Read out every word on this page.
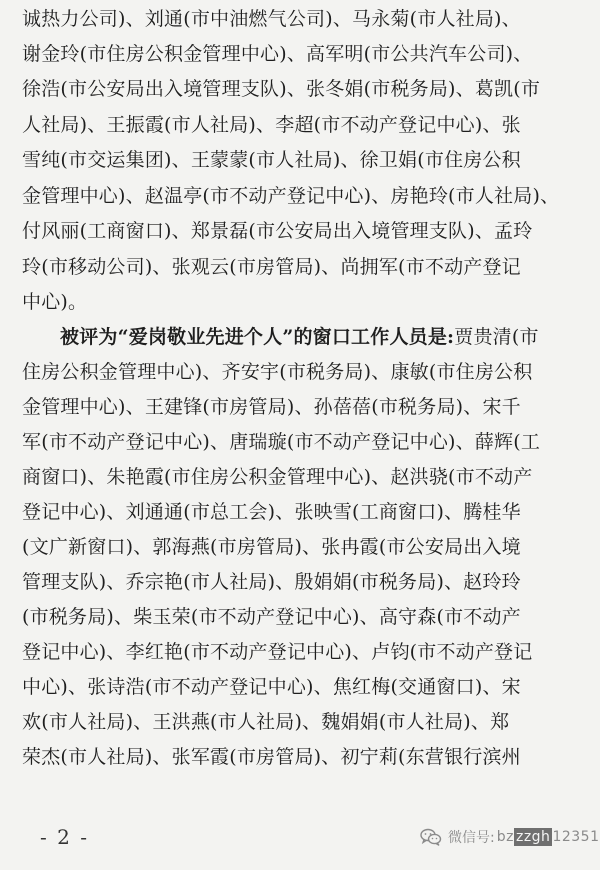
诚热力公司)、刘通(市中油燃气公司)、马永菊(市人社局)、
谢金玲(市住房公积金管理中心)、高军明(市公共汽车公司)、
徐浩(市公安局出入境管理支队)、张冬娟(市税务局)、葛凯(市
人社局)、王振霞(市人社局)、李超(市不动产登记中心)、张
雪纯(市交运集团)、王蒙蒙(市人社局)、徐卫娟(市住房公积
金管理中心)、赵温亭(市不动产登记中心)、房艳玲(市人社局)、
付风丽(工商窗口)、郑景磊(市公安局出入境管理支队)、孟玲
玲(市移动公司)、张观云(市房管局)、尚拥军(市不动产登记
中心)。
被评为“爱岗敬业先进个人”的窗口工作人员是:贾贵清(市
住房公积金管理中心)、齐安宇(市税务局)、康敏(市住房公积
金管理中心)、王建锋(市房管局)、孙蓓蓓(市税务局)、宋千
军(市不动产登记中心)、唐瑞璇(市不动产登记中心)、薛辉(工
商窗口)、朱艳霞(市住房公积金管理中心)、赵洪骁(市不动产
登记中心)、刘通通(市总工会)、张映雪(工商窗口)、腾桂华
(文广新窗口)、郭海燕(市房管局)、张冉霞(市公安局出入境
管理支队)、乔宗艳(市人社局)、殷娟娟(市税务局)、赵玲玲
(市税务局)、柴玉荣(市不动产登记中心)、高守森(市不动产
登记中心)、李红艳(市不动产登记中心)、卢钧(市不动产登记
中心)、张诗浩(市不动产登记中心)、焦红梅(交通窗口)、宋
欢(市人社局)、王洪燕(市人社局)、魏娟娟(市人社局)、郑
荣杰(市人社局)、张军霞(市房管局)、初宁莉(东营银行滨州
- 2 -	微信号: bz zzgh 12351
